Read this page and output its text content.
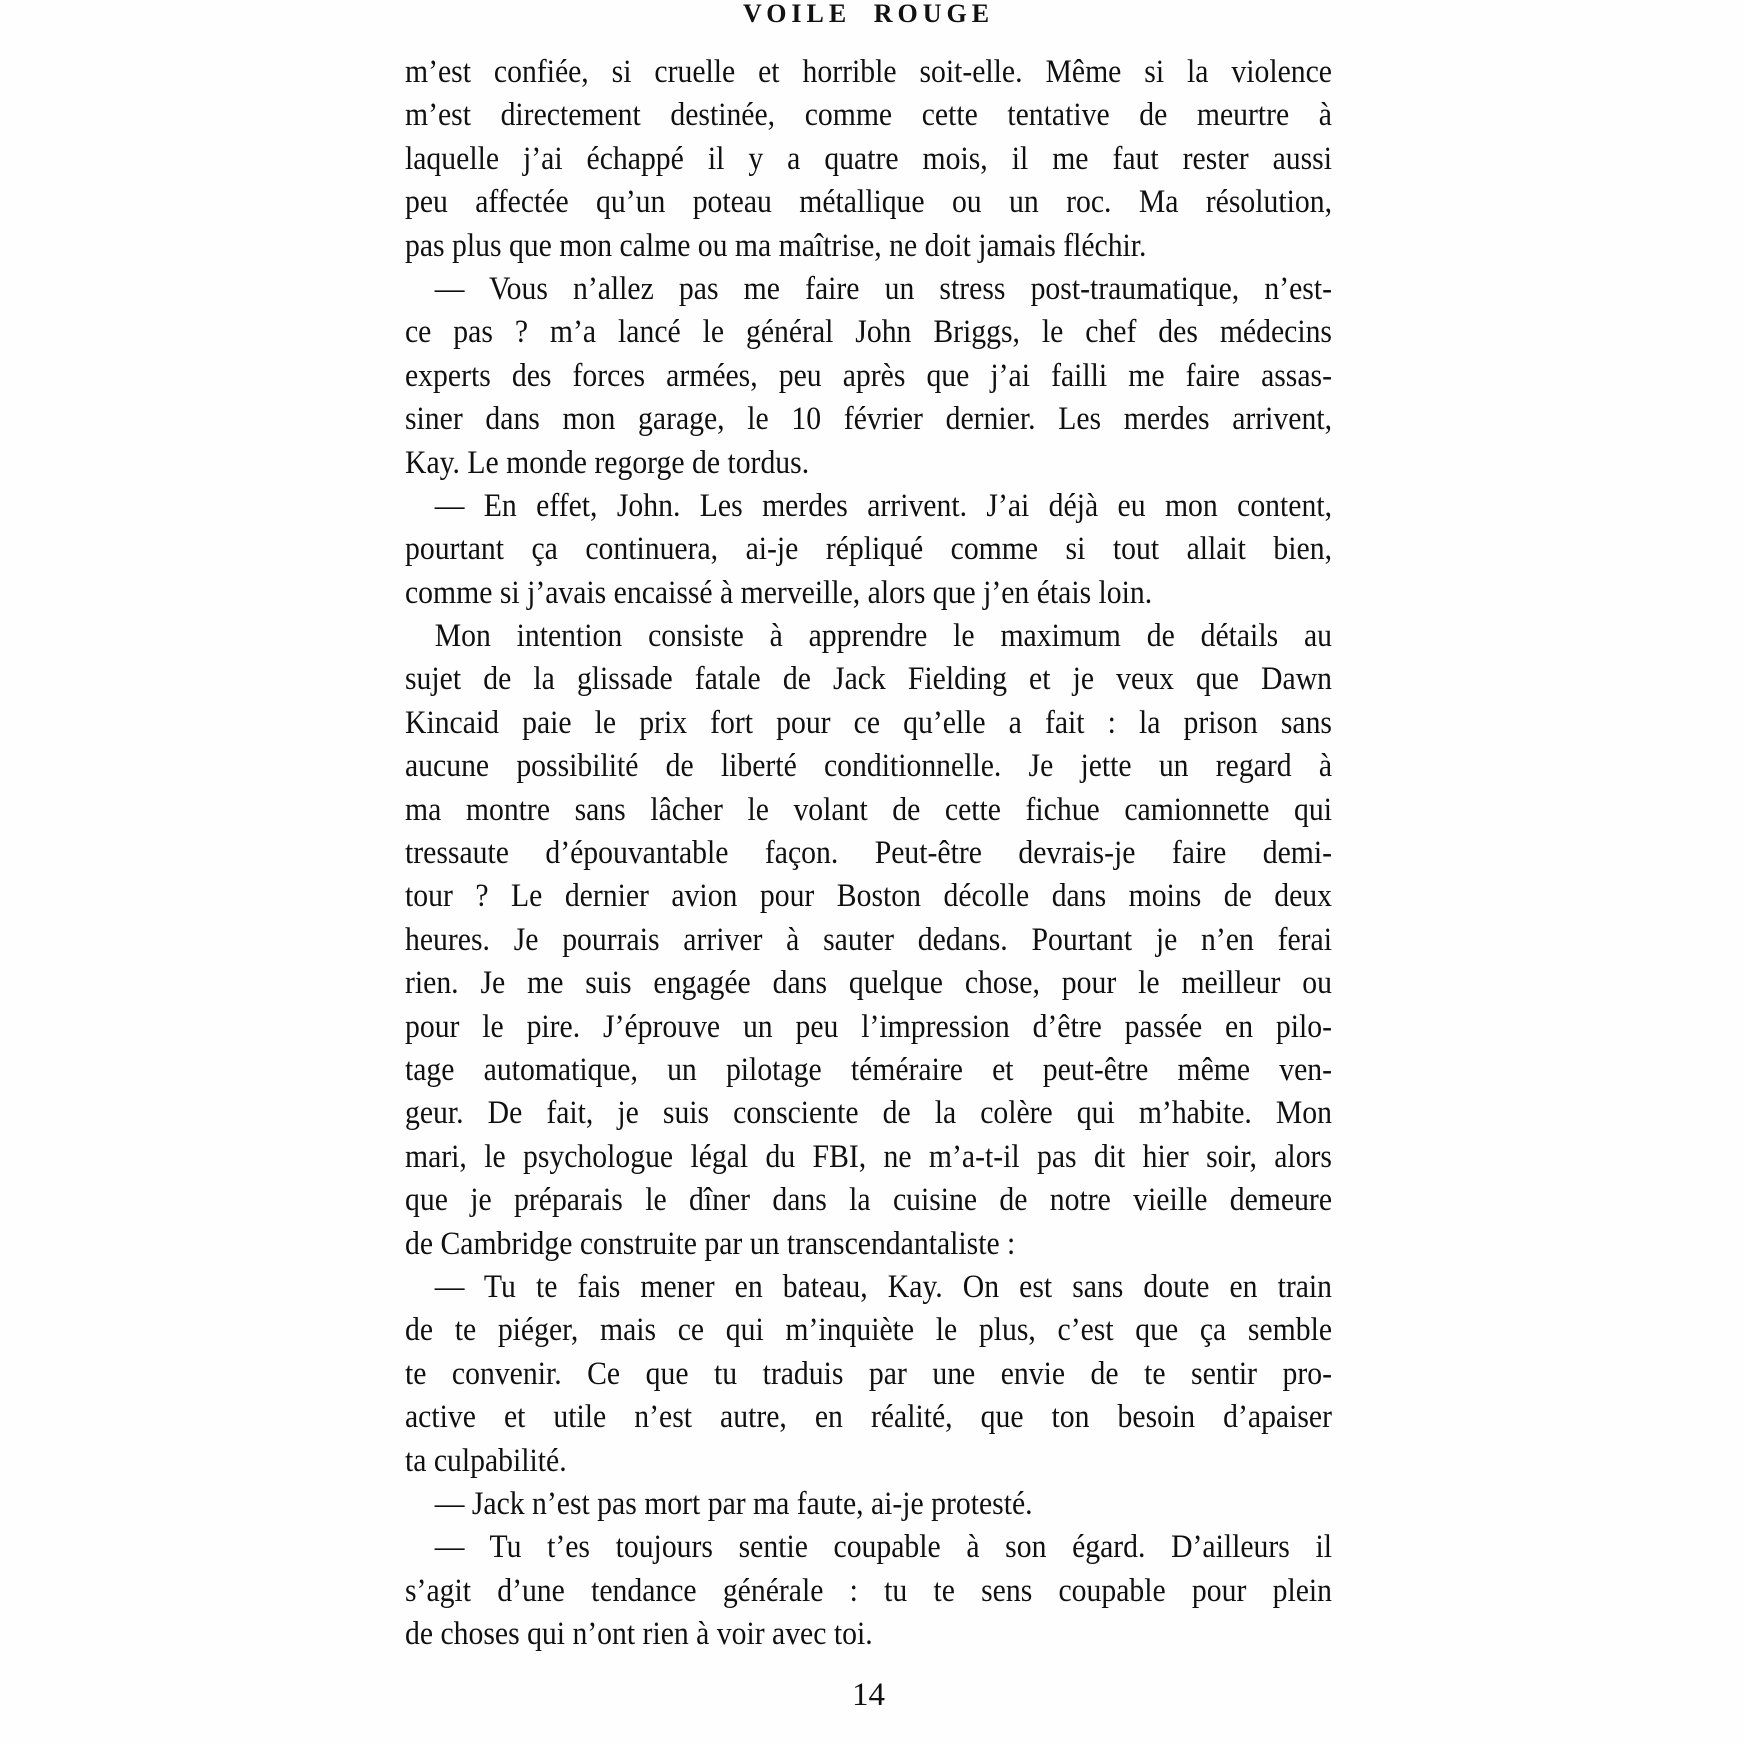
VOILE ROUGE
m’est confiée, si cruelle et horrible soit-elle. Même si la violence
m’est directement destinée, comme cette tentative de meurtre à
laquelle j’ai échappé il y a quatre mois, il me faut rester aussi
peu affectée qu’un poteau métallique ou un roc. Ma résolution,
pas plus que mon calme ou ma maîtrise, ne doit jamais fléchir.
— Vous n’allez pas me faire un stress post-traumatique, n’est-
ce pas ? m’a lancé le général John Briggs, le chef des médecins
experts des forces armées, peu après que j’ai failli me faire assas-
siner dans mon garage, le 10 février dernier. Les merdes arrivent,
Kay. Le monde regorge de tordus.
— En effet, John. Les merdes arrivent. J’ai déjà eu mon content,
pourtant ça continuera, ai-je répliqué comme si tout allait bien,
comme si j’avais encaissé à merveille, alors que j’en étais loin.
Mon intention consiste à apprendre le maximum de détails au
sujet de la glissade fatale de Jack Fielding et je veux que Dawn
Kincaid paie le prix fort pour ce qu’elle a fait : la prison sans
aucune possibilité de liberté conditionnelle. Je jette un regard à
ma montre sans lâcher le volant de cette fichue camionnette qui
tressaute d’épouvantable façon. Peut-être devrais-je faire demi-
tour ? Le dernier avion pour Boston décolle dans moins de deux
heures. Je pourrais arriver à sauter dedans. Pourtant je n’en ferai
rien. Je me suis engagée dans quelque chose, pour le meilleur ou
pour le pire. J’éprouve un peu l’impression d’être passée en pilo-
tage automatique, un pilotage téméraire et peut-être même ven-
geur. De fait, je suis consciente de la colère qui m’habite. Mon
mari, le psychologue légal du FBI, ne m’a-t-il pas dit hier soir, alors
que je préparais le dîner dans la cuisine de notre vieille demeure
de Cambridge construite par un transcendantaliste :
— Tu te fais mener en bateau, Kay. On est sans doute en train
de te piéger, mais ce qui m’inquiète le plus, c’est que ça semble
te convenir. Ce que tu traduis par une envie de te sentir pro-
active et utile n’est autre, en réalité, que ton besoin d’apaiser
ta culpabilité.
— Jack n’est pas mort par ma faute, ai-je protesté.
— Tu t’es toujours sentie coupable à son égard. D’ailleurs il
s’agit d’une tendance générale : tu te sens coupable pour plein
de choses qui n’ont rien à voir avec toi.
14
